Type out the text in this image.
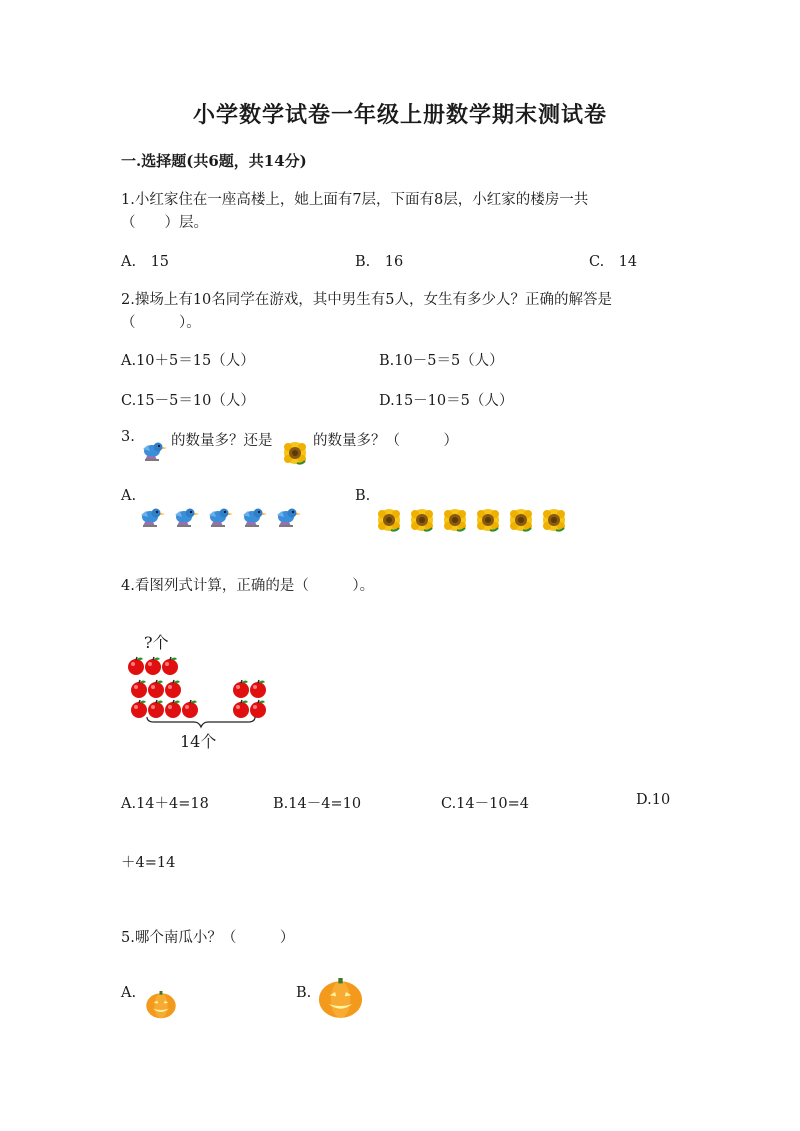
小学数学试卷一年级上册数学期末测试卷
一.选择题(共6题，共14分)
1.小红家住在一座高楼上，她上面有7层，下面有8层，小红家的楼房一共
（　　）层。
A.　15	B.　16	C.　14
2.操场上有10名同学在游戏，其中男生有5人，女生有多少人？正确的解答是
（　　　）。
A.10＋5＝15（人）	B.10－5＝5（人）
C.15－5＝10（人）	D.15－10＝5（人）
3. 的数量多？还是	的数量多？（　　　）
A.	B.
4.看图列式计算，正确的是（　　　）。
?个
14个
A.14＋4=18	B.14－4=10	C.14－10=4	D.10
＋4=14
5.哪个南瓜小？（　　　）
A.	B.
